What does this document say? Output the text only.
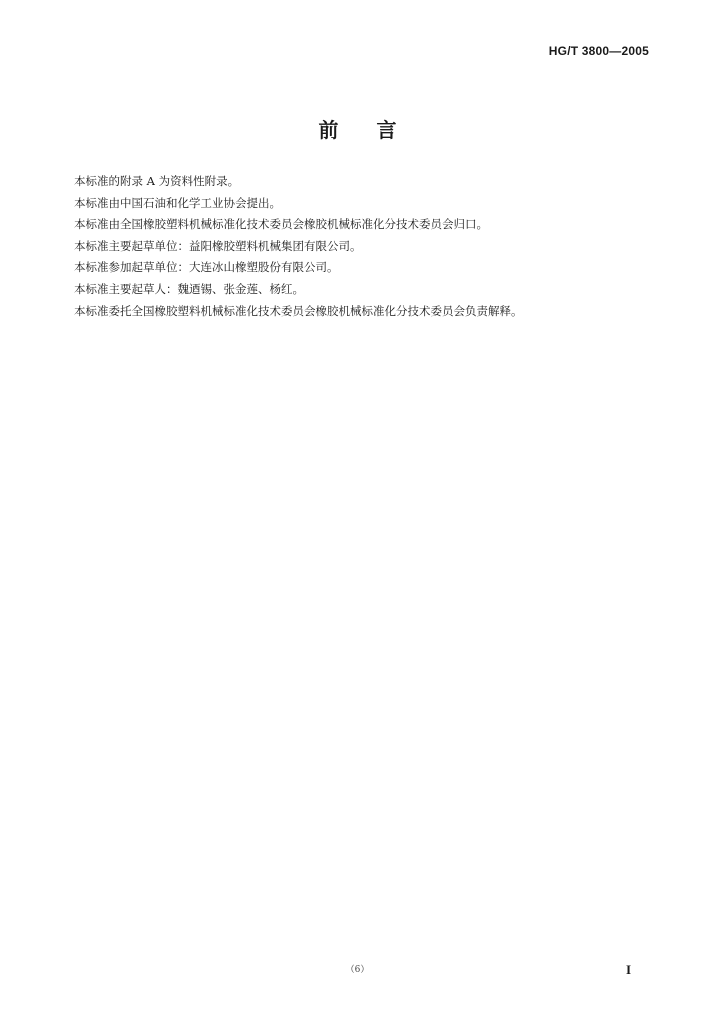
HG/T 3800—2005
前言
本标准的附录 A 为资料性附录。
本标准由中国石油和化学工业协会提出。
本标准由全国橡胶塑料机械标准化技术委员会橡胶机械标准化分技术委员会归口。
本标准主要起草单位：益阳橡胶塑料机械集团有限公司。
本标准参加起草单位：大连冰山橡塑股份有限公司。
本标准主要起草人：魏迺锡、张金莲、杨红。
本标准委托全国橡胶塑料机械标准化技术委员会橡胶机械标准化分技术委员会负责解释。
（6）	I
